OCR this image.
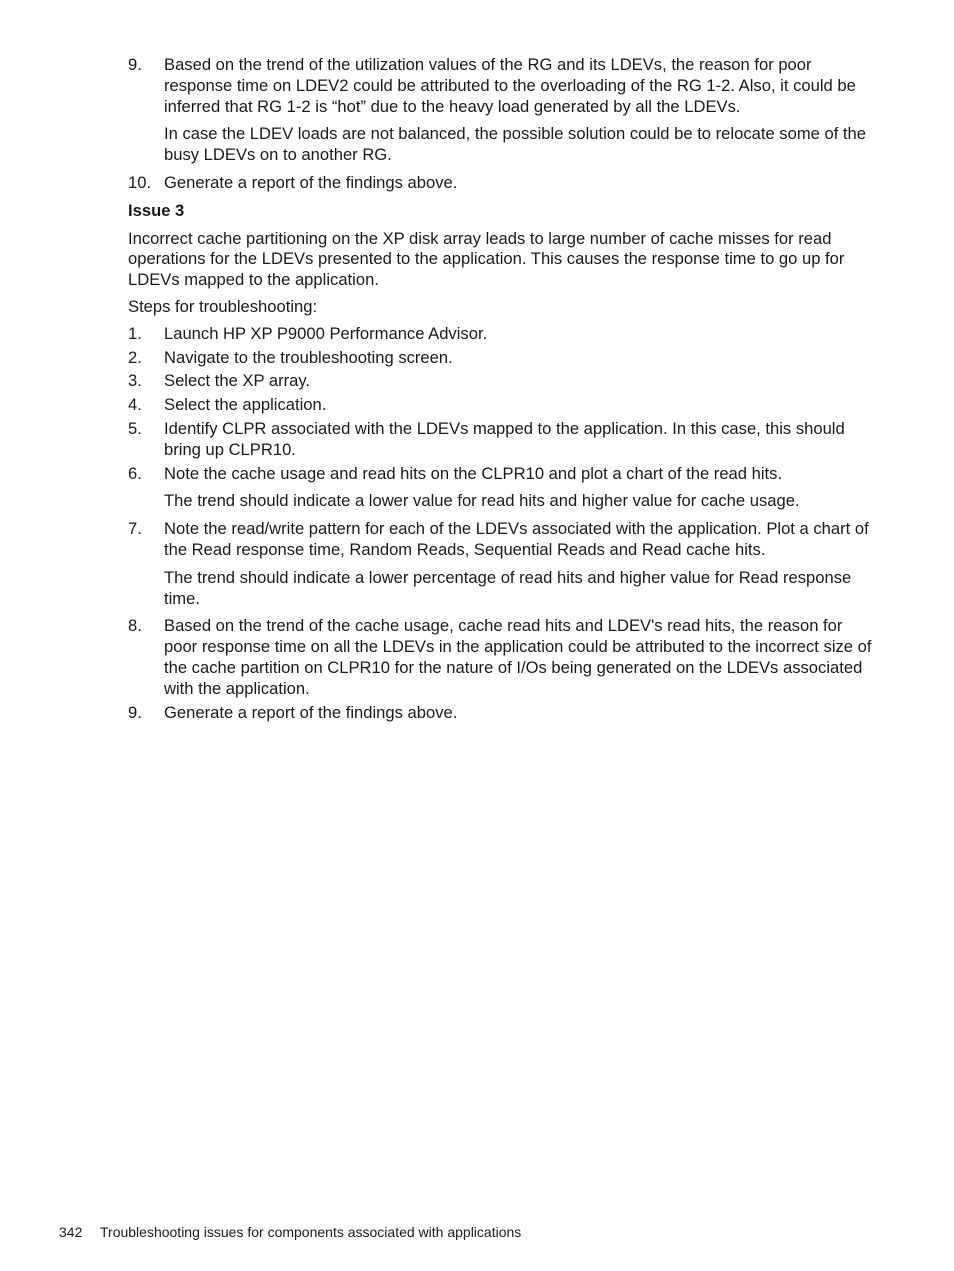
9. Based on the trend of the utilization values of the RG and its LDEVs, the reason for poor response time on LDEV2 could be attributed to the overloading of the RG 1-2. Also, it could be inferred that RG 1-2 is “hot” due to the heavy load generated by all the LDEVs.

In case the LDEV loads are not balanced, the possible solution could be to relocate some of the busy LDEVs on to another RG.

10. Generate a report of the findings above.

Issue 3

Incorrect cache partitioning on the XP disk array leads to large number of cache misses for read operations for the LDEVs presented to the application. This causes the response time to go up for LDEVs mapped to the application.

Steps for troubleshooting:

1. Launch HP XP P9000 Performance Advisor.

2. Navigate to the troubleshooting screen.

3. Select the XP array.

4. Select the application.

5. Identify CLPR associated with the LDEVs mapped to the application. In this case, this should bring up CLPR10.

6. Note the cache usage and read hits on the CLPR10 and plot a chart of the read hits.

The trend should indicate a lower value for read hits and higher value for cache usage.

7. Note the read/write pattern for each of the LDEVs associated with the application. Plot a chart of the Read response time, Random Reads, Sequential Reads and Read cache hits.

The trend should indicate a lower percentage of read hits and higher value for Read response time.

8. Based on the trend of the cache usage, cache read hits and LDEV's read hits, the reason for poor response time on all the LDEVs in the application could be attributed to the incorrect size of the cache partition on CLPR10 for the nature of I/Os being generated on the LDEVs associated with the application.

9. Generate a report of the findings above.

342 Troubleshooting issues for components associated with applications
